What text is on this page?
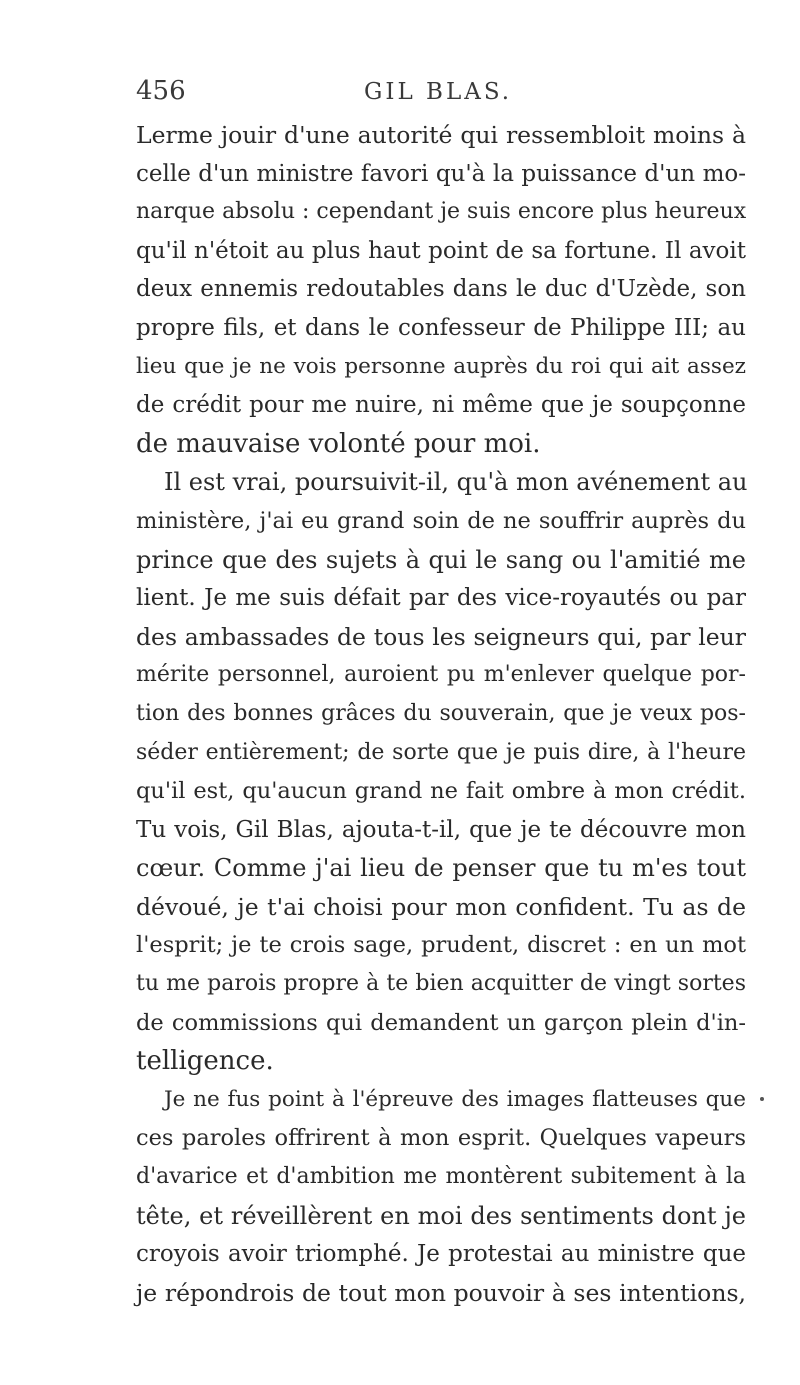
456	GIL BLAS.
Lerme jouir d'une autorité qui ressembloit moins à
celle d'un ministre favori qu'à la puissance d'un mo-
narque absolu : cependant je suis encore plus heureux
qu'il n'étoit au plus haut point de sa fortune. Il avoit
deux ennemis redoutables dans le duc d'Uzède, son
propre fils, et dans le confesseur de Philippe III; au
lieu que je ne vois personne auprès du roi qui ait assez
de crédit pour me nuire, ni même que je soupçonne
de mauvaise volonté pour moi.
Il est vrai, poursuivit-il, qu'à mon avénement au
ministère, j'ai eu grand soin de ne souffrir auprès du
prince que des sujets à qui le sang ou l'amitié me
lient. Je me suis défait par des vice-royautés ou par
des ambassades de tous les seigneurs qui, par leur
mérite personnel, auroient pu m'enlever quelque por-
tion des bonnes grâces du souverain, que je veux pos-
séder entièrement; de sorte que je puis dire, à l'heure
qu'il est, qu'aucun grand ne fait ombre à mon crédit.
Tu vois, Gil Blas, ajouta-t-il, que je te découvre mon
cœur. Comme j'ai lieu de penser que tu m'es tout
dévoué, je t'ai choisi pour mon confident. Tu as de
l'esprit; je te crois sage, prudent, discret : en un mot
tu me parois propre à te bien acquitter de vingt sortes
de commissions qui demandent un garçon plein d'in-
telligence.
Je ne fus point à l'épreuve des images flatteuses que
ces paroles offrirent à mon esprit. Quelques vapeurs
d'avarice et d'ambition me montèrent subitement à la
tête, et réveillèrent en moi des sentiments dont je
croyois avoir triomphé. Je protestai au ministre que
je répondrois de tout mon pouvoir à ses intentions,
